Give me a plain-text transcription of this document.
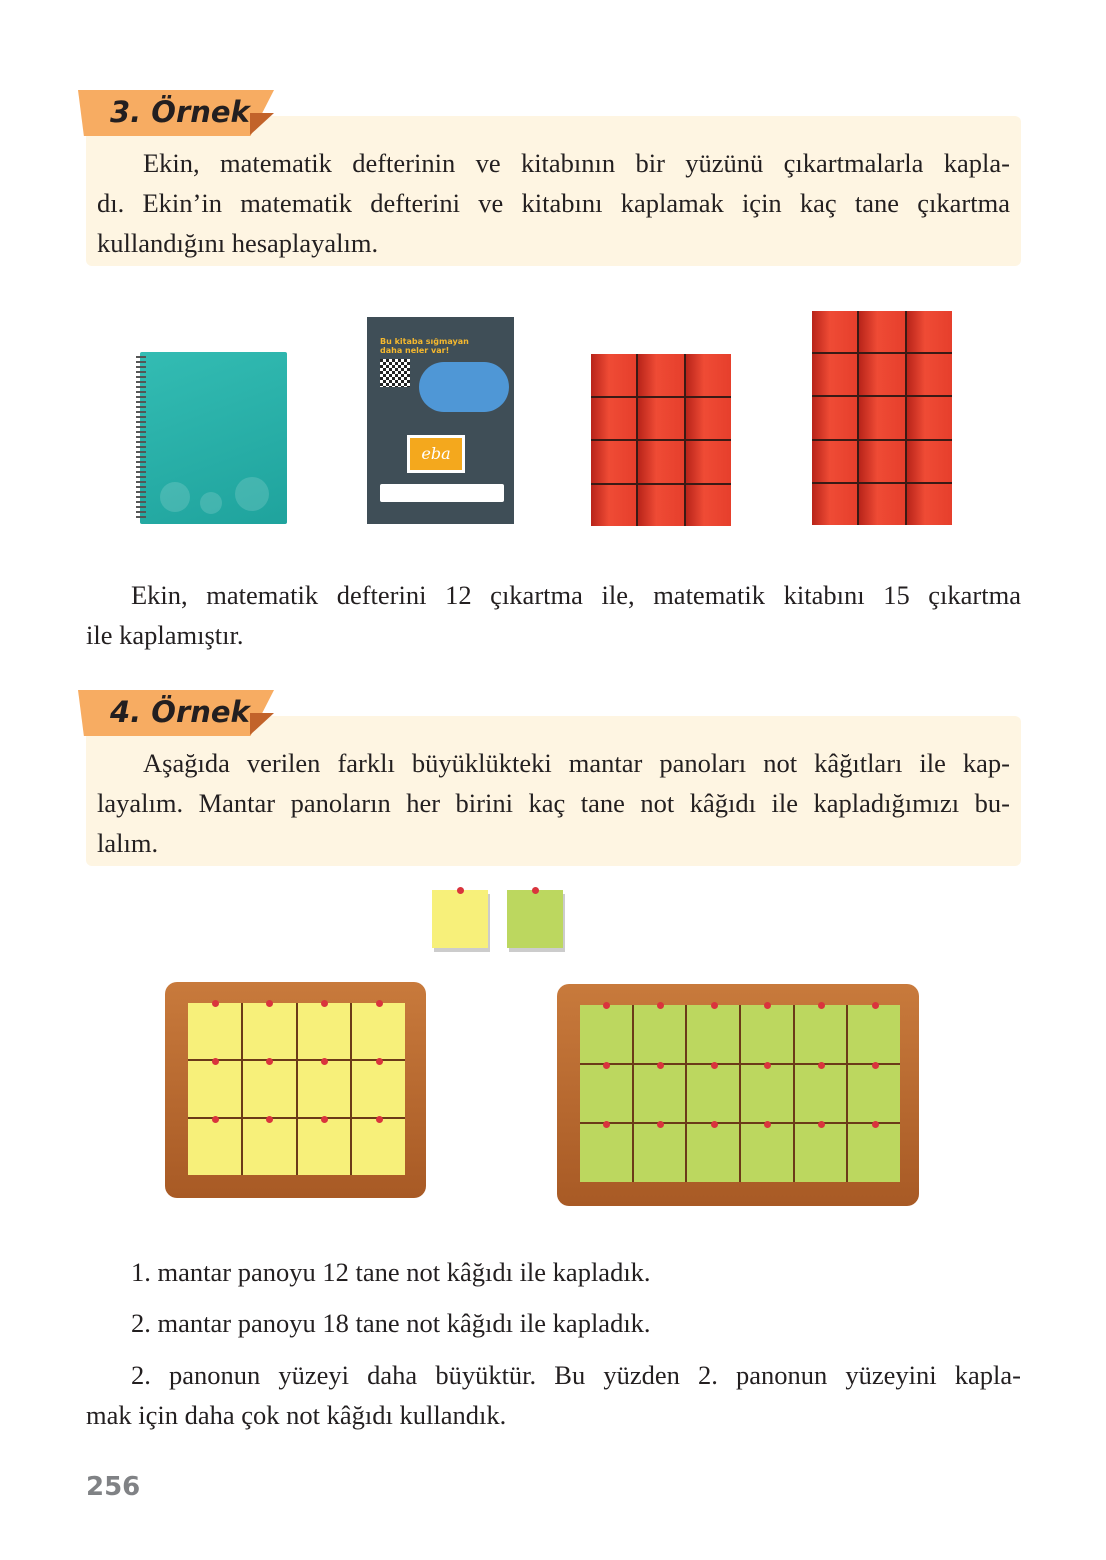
3. Örnek
Ekin, matematik defterinin ve kitabının bir yüzünü çıkartmalarla kapla-
dı. Ekin’in matematik defterini ve kitabını kaplamak için kaç tane çıkartma
kullandığını hesaplayalım.
Bu kitaba sığmayan daha neler var!
eba
Ekin, matematik defterini 12 çıkartma ile, matematik kitabını 15 çıkartma
ile kaplamıştır.
4. Örnek
Aşağıda verilen farklı büyüklükteki mantar panoları not kâğıtları ile kap-
layalım. Mantar panoların her birini kaç tane not kâğıdı ile kapladığımızı bu-
lalım.
1. mantar panoyu 12 tane not kâğıdı ile kapladık.
2. mantar panoyu 18 tane not kâğıdı ile kapladık.
2. panonun yüzeyi daha büyüktür. Bu yüzden 2. panonun yüzeyini kapla-
mak için daha çok not kâğıdı kullandık.
256
